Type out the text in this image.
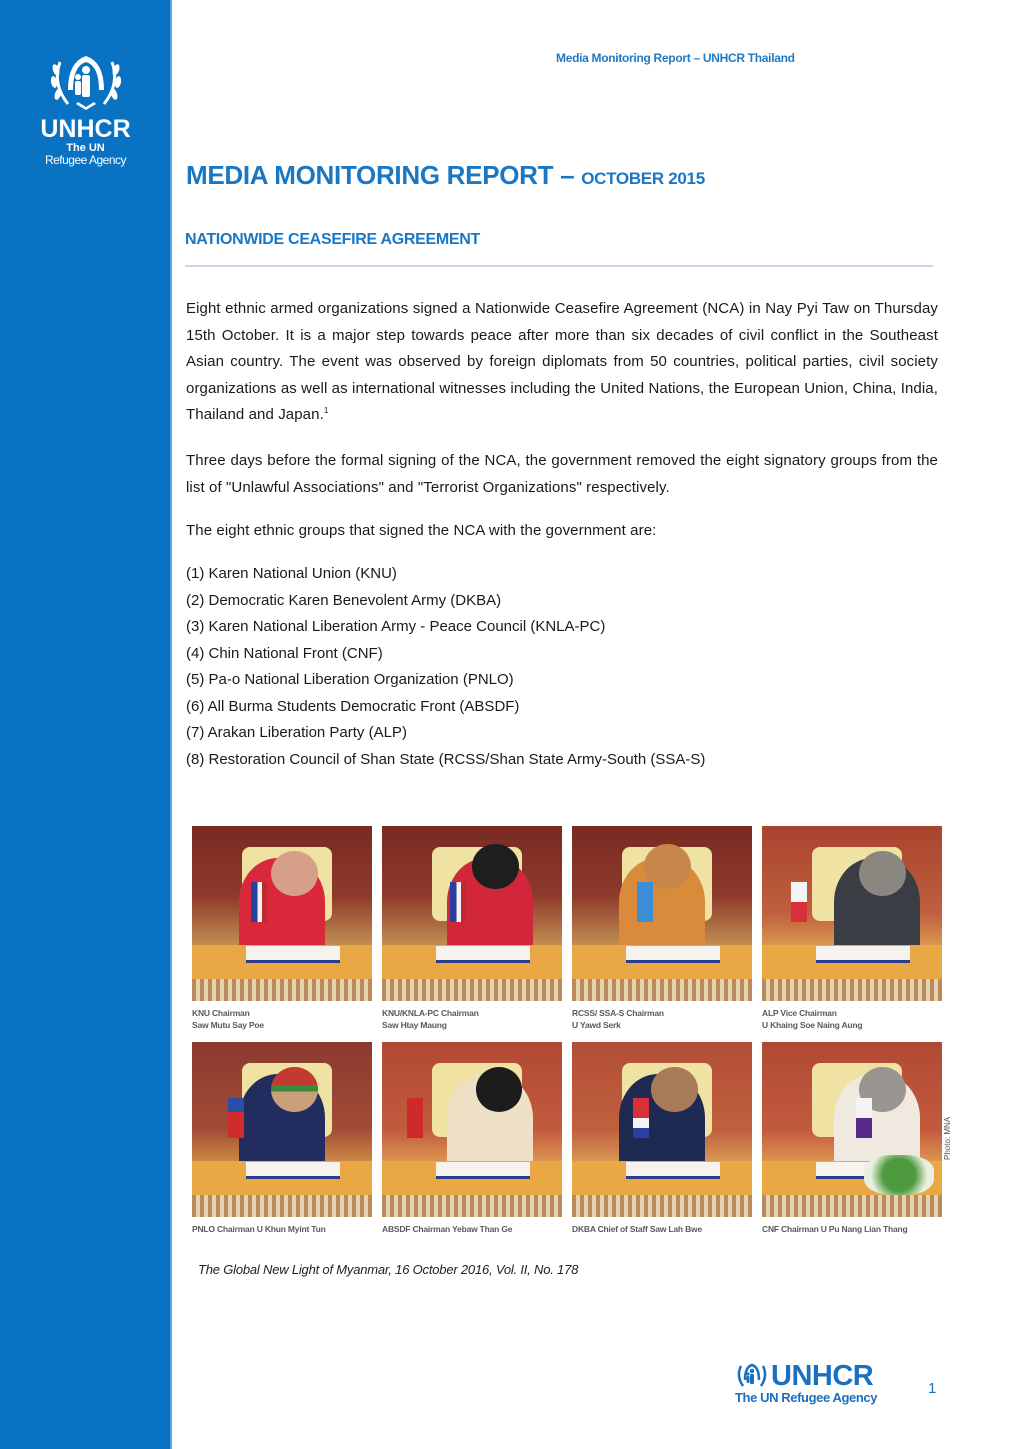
UNHCR
The UN
Refugee Agency
Media Monitoring Report – UNHCR Thailand
MEDIA MONITORING REPORT – OCTOBER 2015
NATIONWIDE CEASEFIRE AGREEMENT
Eight ethnic armed organizations signed a Nationwide Ceasefire Agreement (NCA) in Nay Pyi Taw on Thursday 15th October. It is a major step towards peace after more than six decades of civil conflict in the Southeast Asian country. The event was observed by foreign diplomats from 50 countries, political parties, civil society organizations as well as international witnesses including the United Nations, the European Union, China, India, Thailand and Japan.$^1$
Three days before the formal signing of the NCA, the government removed the eight signatory groups from the list of "Unlawful Associations" and "Terrorist Organizations" respectively.
The eight ethnic groups that signed the NCA with the government are:
(1) Karen National Union (KNU)
(2) Democratic Karen Benevolent Army (DKBA)
(3) Karen National Liberation Army - Peace Council (KNLA-PC)
(4) Chin National Front (CNF)
(5) Pa-o National Liberation Organization (PNLO)
(6) All Burma Students Democratic Front (ABSDF)
(7) Arakan Liberation Party (ALP)
(8) Restoration Council of Shan State (RCSS/Shan State Army-South (SSA-S)
KNU Chairman
Saw Mutu Say Poe
KNU/KNLA-PC Chairman
Saw Htay Maung
RCSS/ SSA-S Chairman
U Yawd Serk
ALP Vice Chairman
U Khaing Soe Naing Aung
PNLO Chairman U Khun Myint Tun	ABSDF Chairman Yebaw Than Ge	DKBA Chief of Staff Saw Lah Bwe	CNF Chairman U Pu Nang Lian Thang
Photo: MNA
The Global New Light of Myanmar, 16 October 2016, Vol. II, No. 178
UNHCR
The UN Refugee Agency
1
